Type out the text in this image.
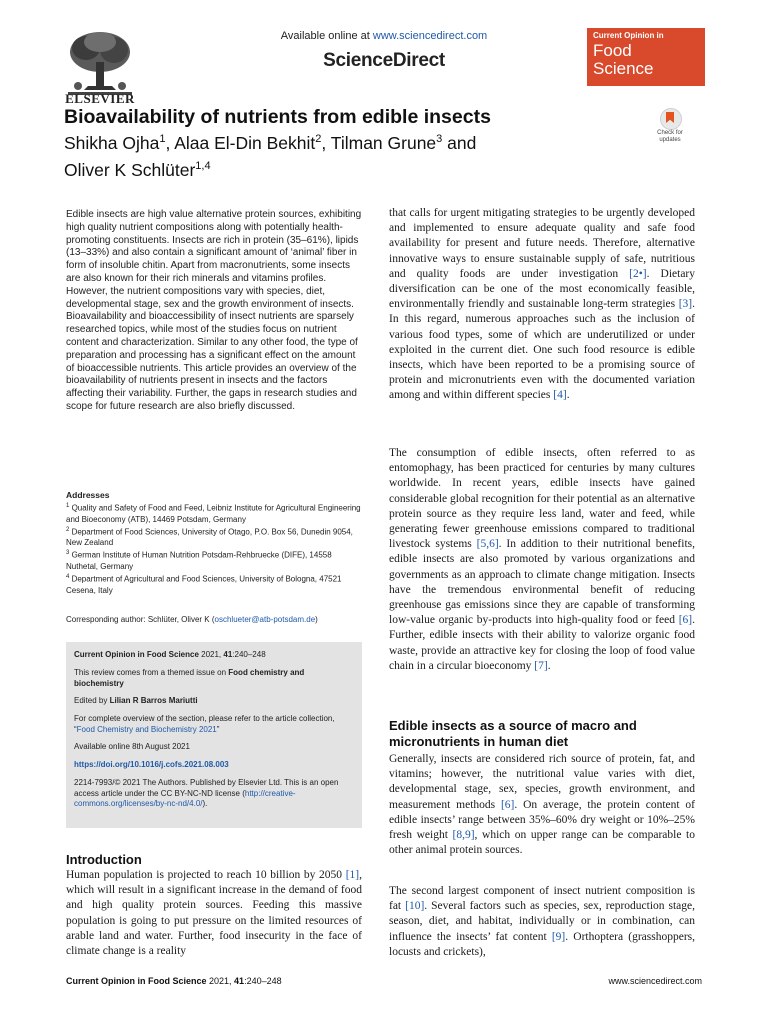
ELSEVIER
Available online at www.sciencedirect.com
ScienceDirect
Current Opinion in
Food
Science
Check for
updates
Bioavailability of nutrients from edible insects
Shikha Ojha$^1$, Alaa El-Din Bekhit$^2$, Tilman Grune$^3$ and
Oliver K Schlüter$^{1,4}$
Edible insects are high value alternative protein sources, exhibiting high quality nutrient compositions along with potentially health-promoting constituents. Insects are rich in protein (35–61%), lipids (13–33%) and also contain a significant amount of ‘animal’ fiber in form of insoluble chitin. Apart from macronutrients, some insects are also known for their rich minerals and vitamins profiles. However, the nutrient compositions vary with species, diet, developmental stage, sex and the growth environment of insects. Bioavailability and bioaccessibility of insect nutrients are sparsely researched topics, while most of the studies focus on nutrient content and characterization. Similar to any other food, the type of preparation and processing has a significant effect on the amount of bioaccessible nutrients. This article provides an overview of the bioavailability of nutrients present in insects and the factors affecting their variability. Further, the gaps in research studies and scope for future research are also briefly discussed.
Addresses
$^1$ Quality and Safety of Food and Feed, Leibniz Institute for Agricultural Engineering and Bioeconomy (ATB), 14469 Potsdam, Germany
$^2$ Department of Food Sciences, University of Otago, P.O. Box 56, Dunedin 9054, New Zealand
$^3$ German Institute of Human Nutrition Potsdam-Rehbruecke (DIFE), 14558 Nuthetal, Germany
$^4$ Department of Agricultural and Food Sciences, University of Bologna, 47521 Cesena, Italy
Corresponding author: Schlüter, Oliver K (oschlueter@atb-potsdam.de)
Current Opinion in Food Science 2021, 41:240–248
This review comes from a themed issue on Food chemistry and biochemistry
Edited by Lilian R Barros Mariutti
For complete overview of the section, please refer to the article collection, “Food Chemistry and Biochemistry 2021”
Available online 8th August 2021
https://doi.org/10.1016/j.cofs.2021.08.003
2214-7993/© 2021 The Authors. Published by Elsevier Ltd. This is an open access article under the CC BY-NC-ND license (http://creative-commons.org/licenses/by-nc-nd/4.0/).
Introduction
Human population is projected to reach 10 billion by 2050 [1], which will result in a significant increase in the demand of food and high quality protein sources. Feeding this massive population is going to put pressure on the limited resources of arable land and water. Further, food insecurity in the face of climate change is a reality
that calls for urgent mitigating strategies to be urgently developed and implemented to ensure adequate quality and safe food availability for present and future needs. Therefore, alternative innovative ways to ensure sustainable supply of safe, nutritious and quality foods are under investigation [2•]. Dietary diversification can be one of the most economically feasible, environmentally friendly and sustainable long-term strategies [3]. In this regard, numerous approaches such as the inclusion of various food types, some of which are underutilized or under exploited in the current diet. One such food resource is edible insects, which have been reported to be a promising source of protein and micronutrients even with the documented variation among and within different species [4].
The consumption of edible insects, often referred to as entomophagy, has been practiced for centuries by many cultures worldwide. In recent years, edible insects have gained considerable global recognition for their potential as an alternative protein source as they require less land, water and feed, while generating fewer greenhouse emissions compared to traditional livestock systems [5,6]. In addition to their nutritional benefits, edible insects are also promoted by various organizations and governments as an approach to climate change mitigation. Insects have the tremendous environmental benefit of reducing greenhouse gas emissions since they are capable of transforming low-value organic by-products into high-quality food or feed [6]. Further, edible insects with their ability to valorize organic food waste, provide an attractive key for closing the loop of food value chain in a circular bioeconomy [7].
Edible insects as a source of macro and micronutrients in human diet
Generally, insects are considered rich source of protein, fat, and vitamins; however, the nutritional value varies with diet, developmental stage, sex, species, growth environment, and measurement methods [6]. On average, the protein content of edible insects’ range between 35%–60% dry weight or 10%–25% fresh weight [8,9], which on upper range can be comparable to other animal protein sources.
The second largest component of insect nutrient composition is fat [10]. Several factors such as species, sex, reproduction stage, season, diet, and habitat, individually or in combination, can influence the insects’ fat content [9]. Orthoptera (grasshoppers, locusts and crickets),
Current Opinion in Food Science 2021, 41:240–248	www.sciencedirect.com
